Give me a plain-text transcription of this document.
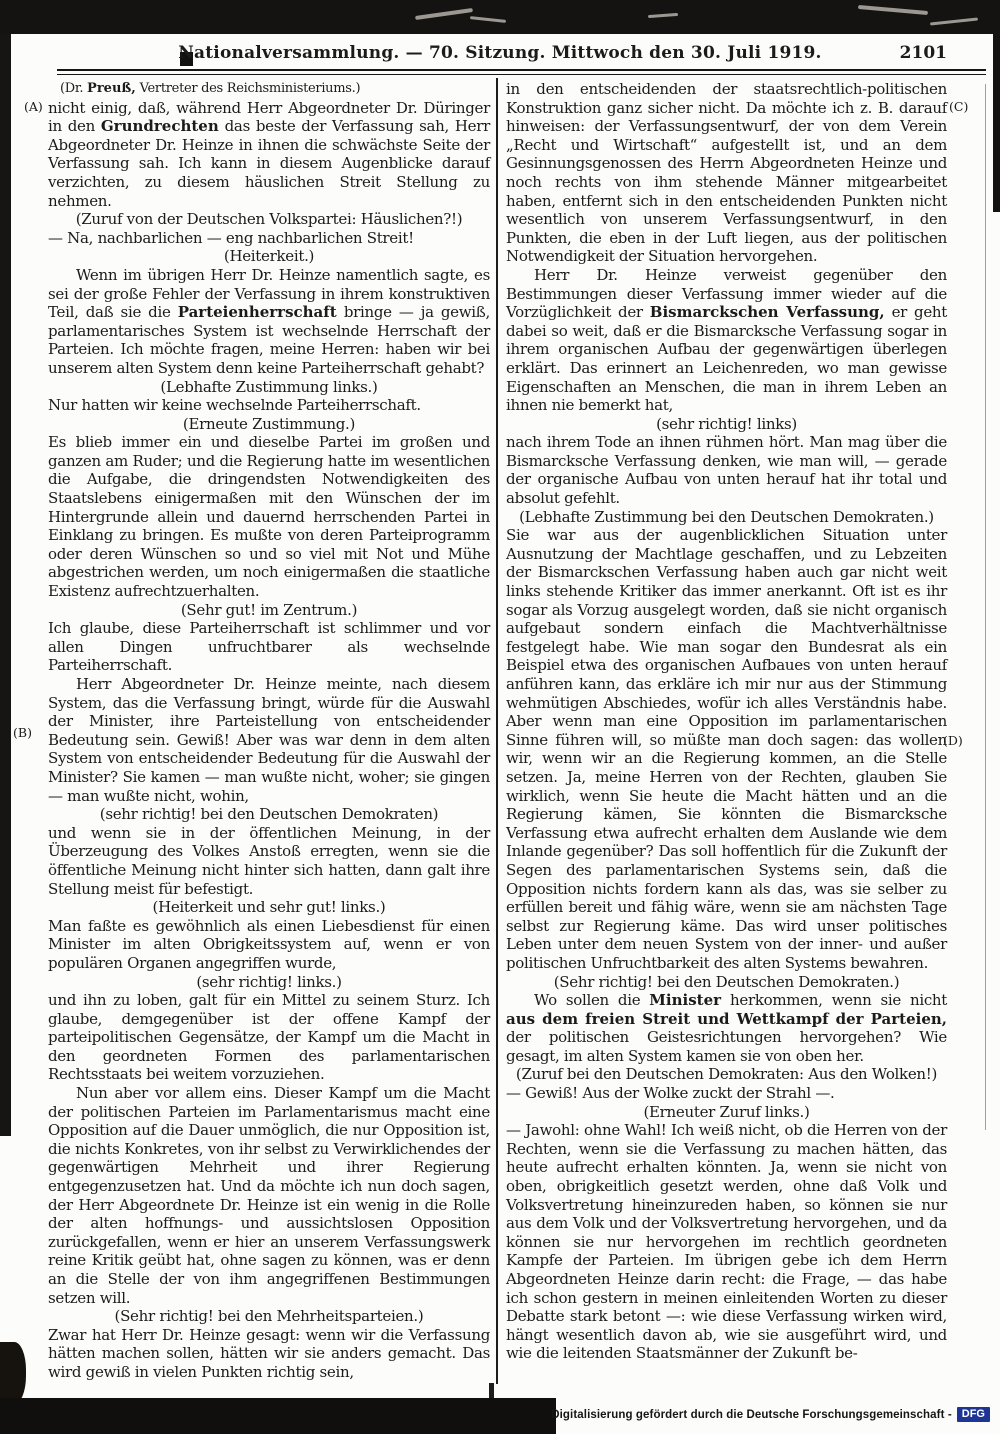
Nationalversammlung. — 70. Sitzung. Mittwoch den 30. Juli 1919.	2101
(A)
(B)
(C)
(D)

(Dr. Preuß, Vertreter des Reichsministeriums.)

nicht einig, daß, während Herr Abgeordneter Dr. Düringer in den Grundrechten das beste der Verfassung sah, Herr Abgeordneter Dr. Heinze in ihnen die schwächste Seite der Verfassung sah. Ich kann in diesem Augenblicke darauf verzichten, zu diesem häuslichen Streit Stellung zu nehmen.

(Zuruf von der Deutschen Volkspartei: Häuslichen?!)

— Na, nachbarlichen — eng nachbarlichen Streit!

(Heiterkeit.)

Wenn im übrigen Herr Dr. Heinze namentlich sagte, es sei der große Fehler der Verfassung in ihrem konstruktiven Teil, daß sie die Parteienherrschaft bringe — ja gewiß, parlamentarisches System ist wechselnde Herrschaft der Parteien. Ich möchte fragen, meine Herren: haben wir bei unserem alten System denn keine Parteiherrschaft gehabt?

(Lebhafte Zustimmung links.)

Nur hatten wir keine wechselnde Parteiherrschaft.

(Erneute Zustimmung.)

Es blieb immer ein und dieselbe Partei im großen und ganzen am Ruder; und die Regierung hatte im wesentlichen die Aufgabe, die dringendsten Notwendigkeiten des Staatslebens einigermaßen mit den Wünschen der im Hintergrunde allein und dauernd herrschenden Partei in Einklang zu bringen. Es mußte von deren Parteiprogramm oder deren Wünschen so und so viel mit Not und Mühe abgestrichen werden, um noch einigermaßen die staatliche Existenz aufrechtzuerhalten.

(Sehr gut! im Zentrum.)

Ich glaube, diese Parteiherrschaft ist schlimmer und vor allen Dingen unfruchtbarer als wechselnde Parteiherrschaft.

Herr Abgeordneter Dr. Heinze meinte, nach diesem System, das die Verfassung bringt, würde für die Auswahl der Minister, ihre Parteistellung von entscheidender Bedeutung sein. Gewiß! Aber was war denn in dem alten System von entscheidender Bedeutung für die Auswahl der Minister? Sie kamen — man wußte nicht, woher; sie gingen — man wußte nicht, wohin,

(sehr richtig! bei den Deutschen Demokraten)

und wenn sie in der öffentlichen Meinung, in der Überzeugung des Volkes Anstoß erregten, wenn sie die öffentliche Meinung nicht hinter sich hatten, dann galt ihre Stellung meist für befestigt.

(Heiterkeit und sehr gut! links.)

Man faßte es gewöhnlich als einen Liebesdienst für einen Minister im alten Obrigkeitssystem auf, wenn er von populären Organen angegriffen wurde,

(sehr richtig! links.)

und ihn zu loben, galt für ein Mittel zu seinem Sturz. Ich glaube, demgegenüber ist der offene Kampf der parteipolitischen Gegensätze, der Kampf um die Macht in den geordneten Formen des parlamentarischen Rechtsstaats bei weitem vorzuziehen.

Nun aber vor allem eins. Dieser Kampf um die Macht der politischen Parteien im Parlamentarismus macht eine Opposition auf die Dauer unmöglich, die nur Opposition ist, die nichts Konkretes, von ihr selbst zu Verwirklichendes der gegenwärtigen Mehrheit und ihrer Regierung entgegenzusetzen hat. Und da möchte ich nun doch sagen, der Herr Abgeordnete Dr. Heinze ist ein wenig in die Rolle der alten hoffnungs- und aussichtslosen Opposition zurückgefallen, wenn er hier an unserem Verfassungswerk reine Kritik geübt hat, ohne sagen zu können, was er denn an die Stelle der von ihm angegriffenen Bestimmungen setzen will.

(Sehr richtig! bei den Mehrheitsparteien.)

Zwar hat Herr Dr. Heinze gesagt: wenn wir die Verfassung hätten machen sollen, hätten wir sie anders gemacht. Das wird gewiß in vielen Punkten richtig sein,

in den entscheidenden der staatsrechtlich-politischen Konstruktion ganz sicher nicht. Da möchte ich z. B. darauf hinweisen: der Verfassungsentwurf, der von dem Verein „Recht und Wirtschaft“ aufgestellt ist, und an dem Gesinnungsgenossen des Herrn Abgeordneten Heinze und noch rechts von ihm stehende Männer mitgearbeitet haben, entfernt sich in den entscheidenden Punkten nicht wesentlich von unserem Verfassungsentwurf, in den Punkten, die eben in der Luft liegen, aus der politischen Notwendigkeit der Situation hervorgehen.

Herr Dr. Heinze verweist gegenüber den Bestimmungen dieser Verfassung immer wieder auf die Vorzüglichkeit der Bismarckschen Verfassung, er geht dabei so weit, daß er die Bismarcksche Verfassung sogar in ihrem organischen Aufbau der gegenwärtigen überlegen erklärt. Das erinnert an Leichenreden, wo man gewisse Eigenschaften an Menschen, die man in ihrem Leben an ihnen nie bemerkt hat,

(sehr richtig! links)

nach ihrem Tode an ihnen rühmen hört. Man mag über die Bismarcksche Verfassung denken, wie man will, — gerade der organische Aufbau von unten herauf hat ihr total und absolut gefehlt.

(Lebhafte Zustimmung bei den Deutschen Demokraten.)

Sie war aus der augenblicklichen Situation unter Ausnutzung der Machtlage geschaffen, und zu Lebzeiten der Bismarckschen Verfassung haben auch gar nicht weit links stehende Kritiker das immer anerkannt. Oft ist es ihr sogar als Vorzug ausgelegt worden, daß sie nicht organisch aufgebaut sondern einfach die Machtverhältnisse festgelegt habe. Wie man sogar den Bundesrat als ein Beispiel etwa des organischen Aufbaues von unten herauf anführen kann, das erkläre ich mir nur aus der Stimmung wehmütigen Abschiedes, wofür ich alles Verständnis habe. Aber wenn man eine Opposition im parlamentarischen Sinne führen will, so müßte man doch sagen: das wollen wir, wenn wir an die Regierung kommen, an die Stelle setzen. Ja, meine Herren von der Rechten, glauben Sie wirklich, wenn Sie heute die Macht hätten und an die Regierung kämen, Sie könnten die Bismarcksche Verfassung etwa aufrecht erhalten dem Auslande wie dem Inlande gegenüber? Das soll hoffentlich für die Zukunft der Segen des parlamentarischen Systems sein, daß die Opposition nichts fordern kann als das, was sie selber zu erfüllen bereit und fähig wäre, wenn sie am nächsten Tage selbst zur Regierung käme. Das wird unser politisches Leben unter dem neuen System von der inner- und außer politischen Unfruchtbarkeit des alten Systems bewahren.

(Sehr richtig! bei den Deutschen Demokraten.)

Wo sollen die Minister herkommen, wenn sie nicht aus dem freien Streit und Wettkampf der Parteien, der politischen Geistesrichtungen hervorgehen? Wie gesagt, im alten System kamen sie von oben her.

(Zuruf bei den Deutschen Demokraten: Aus den Wolken!)

— Gewiß! Aus der Wolke zuckt der Strahl —.

(Erneuter Zuruf links.)

— Jawohl: ohne Wahl! Ich weiß nicht, ob die Herren von der Rechten, wenn sie die Verfassung zu machen hätten, das heute aufrecht erhalten könnten. Ja, wenn sie nicht von oben, obrigkeitlich gesetzt werden, ohne daß Volk und Volksvertretung hineinzureden haben, so können sie nur aus dem Volk und der Volksvertretung hervorgehen, und da können sie nur hervorgehen im rechtlich geordneten Kampfe der Parteien. Im übrigen gebe ich dem Herrn Abgeordneten Heinze darin recht: die Frage, — das habe ich schon gestern in meinen einleitenden Worten zu dieser Debatte stark betont —: wie diese Verfassung wirken wird, hängt wesentlich davon ab, wie sie ausgeführt wird, und wie die leitenden Staatsmänner der Zukunft be-

Digitalisierung gefördert durch die Deutsche Forschungsgemeinschaft - DFG
